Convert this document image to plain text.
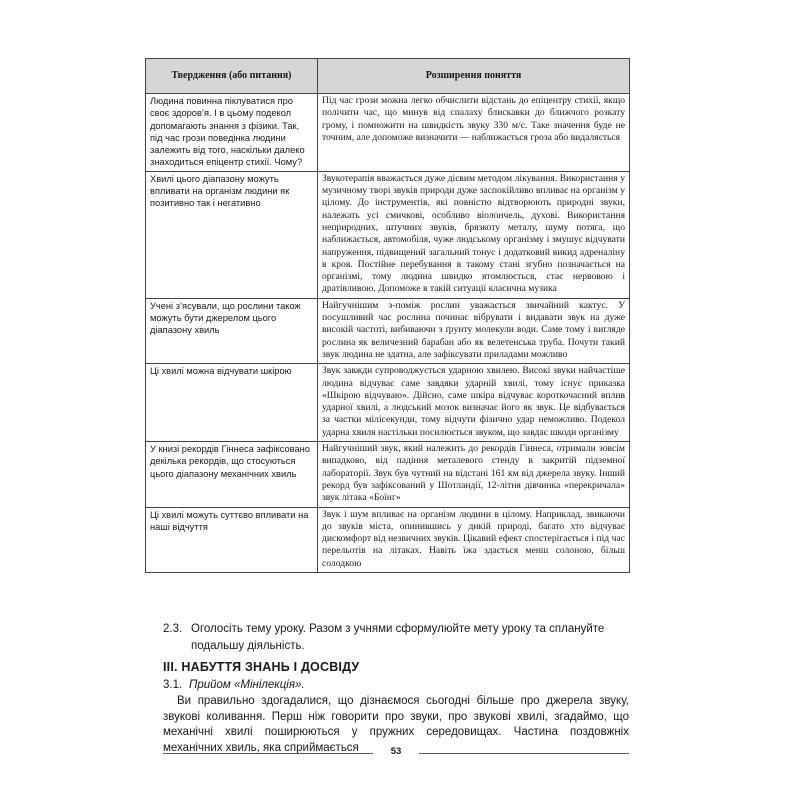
Твердження (або питання)	Розширення поняття
Людина повинна піклуватися про своє здоров’я. І в цьому подекол допомагають знання з фізики. Так, під час грози поведінка людини залежить від того, наскільки далеко знаходиться епіцентр стихії. Чому?	Під час грози можна легко обчислити відстань до епіцентру стихії, якщо полічити час, що минув від спалаху блискавки до ближчого розкату грому, і помножити на швидкість звуку 330 м/с. Таке значення буде не точним, але допоможе визначити — наближається гроза або видаляється
Хвилі цього діапазону можуть впливати на організм людини як позитивно так і негативно	Звукотерапія вважається дуже дієвим методом лікування. Використання у музичному творі звуків природи дуже заспокійливо впливає на організм у цілому. До інструментів, які повністю відтворюють природні звуки, належать усі смичкові, особливо віолончель, духові. Використання неприродних, штучних звуків, брязкоту металу, шуму потяга, що наближається, автомобіля, чуже людському організму і змушує відчувати напруження, підвищений загальний тонус і додатковий викид адреналіну в кров. Постійне перебування в такому стані згубно позначається на організмі, тому людина швидко втомлюється, стає нервовою і дратівливою. Допоможе в такій ситуації класична музика
Учені з’ясували, що рослини також можуть бути джерелом цього діапазону хвиль	Найгучнішим з-поміж рослин уважається звичайний кактус. У посушливий час рослина починає вібрувати і видавати звук на дуже високій частоті, вибиваючи з ґрунту молекули води. Саме тому і вигляде рослина як величезний барабан або як велетенська труба. Почути такий звук людина не здатна, але зафіксувати приладами можливо
Ці хвилі можна відчувати шкірою	Звук завжди супроводжується ударною хвилею. Високі звуки найчастіше людина відчуває саме завдяки ударній хвилі, тому існує приказка «Шкірою відчуваю». Дійсно, саме шкіра відчуває короткочасний вплив ударної хвилі, а людський мозок визначає його як звук. Це відбувається за частки мілісекунди, тому відчути фізично удар неможливо. Подекол ударна хвиля настільки посилюється звуком, що завдає шкоди організму
У книзі рекордів Гіннеса зафіксовано декілька рекордів, що стосуються цього діапазону механічних хвиль	Найгучніший звук, який належить до рекордів Гіннеса, отримали зовсім випадково, від падіння металевого стенду в закритій підземної лабораторії. Звук був чутний на відстані 161 км від джерела звуку. Інший рекорд був зафіксований у Шотландії, 12-літня дівчинка «перекричала» звук літака «Боїнг»
Ці хвилі можуть суттєво впливати на наші відчуття	Звук і шум впливає на організм людини в цілому. Наприклад, звикаючи до звуків міста, опинившись у дикій природі, багато хто відчуває дискомфорт від незвичних звуків. Цікавий ефект спостерігається і під час перельотів на літаках. Навіть їжа здається менш солоною, більш солодкою
2.3. Оголосіть тему уроку. Разом з учнями сформулюйте мету уроку та сплануйте подальшу діяльність.
ІІІ. НАБУТТЯ ЗНАНЬ І ДОСВІДУ
3.1. Прийом «Мінілекція».
Ви правильно здогадалися, що дізнаємося сьогодні більше про джерела звуку, звукові коливання. Перш ніж говорити про звуки, про звукові хвилі, згадаймо, що механічні хвилі поширюються у пружних середовищах. Частина поздовжніх механічних хвиль, яка сприймається	53
